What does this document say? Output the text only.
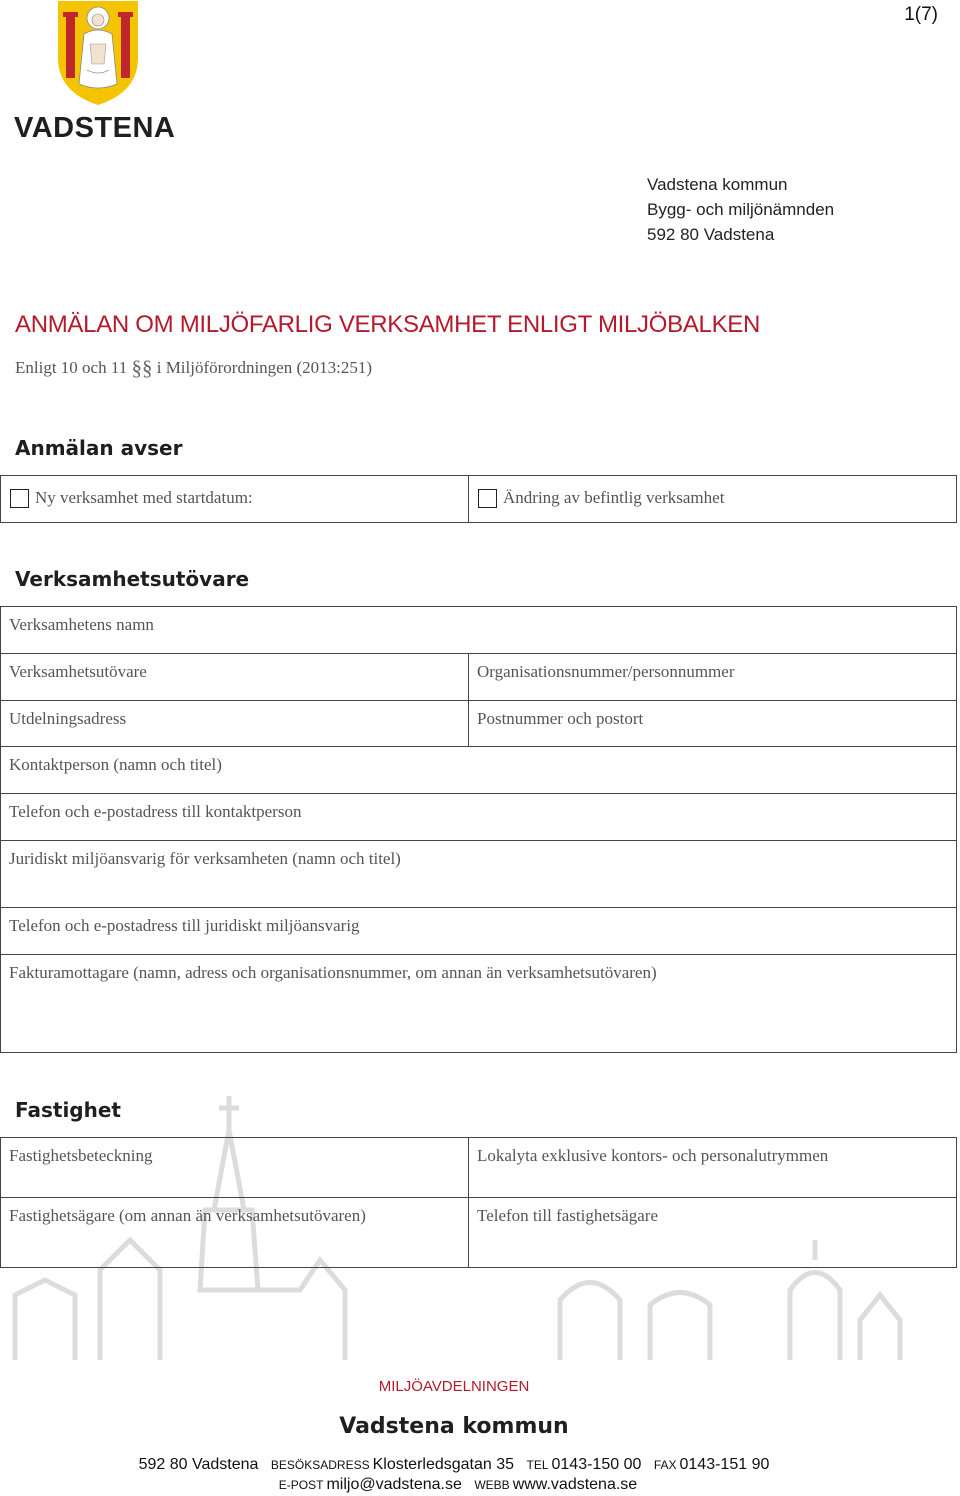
1(7)
VADSTENA
Vadstena kommun
Bygg- och miljönämnden
592 80 Vadstena
ANMÄLAN OM MILJÖFARLIG VERKSAMHET ENLIGT MILJÖBALKEN
Enligt 10 och 11 §§ i Miljöförordningen (2013:251)
Anmälan avser
Ny verksamhet med startdatum:	Ändring av befintlig verksamhet
Verksamhetsutövare
Verksamhetens namn
Verksamhetsutövare	Organisationsnummer/personnummer
Utdelningsadress	Postnummer och postort
Kontaktperson (namn och titel)
Telefon och e-postadress till kontaktperson
Juridiskt miljöansvarig för verksamheten (namn och titel)
Telefon och e-postadress till juridiskt miljöansvarig
Fakturamottagare (namn, adress och organisationsnummer, om annan än verksamhetsutövaren)
Fastighet
Fastighetsbeteckning	Lokalyta exklusive kontors- och personalutrymmen
Fastighetsägare (om annan än verksamhetsutövaren)	Telefon till fastighetsägare
MILJÖAVDELNINGEN
Vadstena kommun
592 80 Vadstena BESÖKSADRESS Klosterledsgatan 35 TEL 0143-150 00 FAX 0143-151 90
E-POST miljo@vadstena.se WEBB www.vadstena.se
